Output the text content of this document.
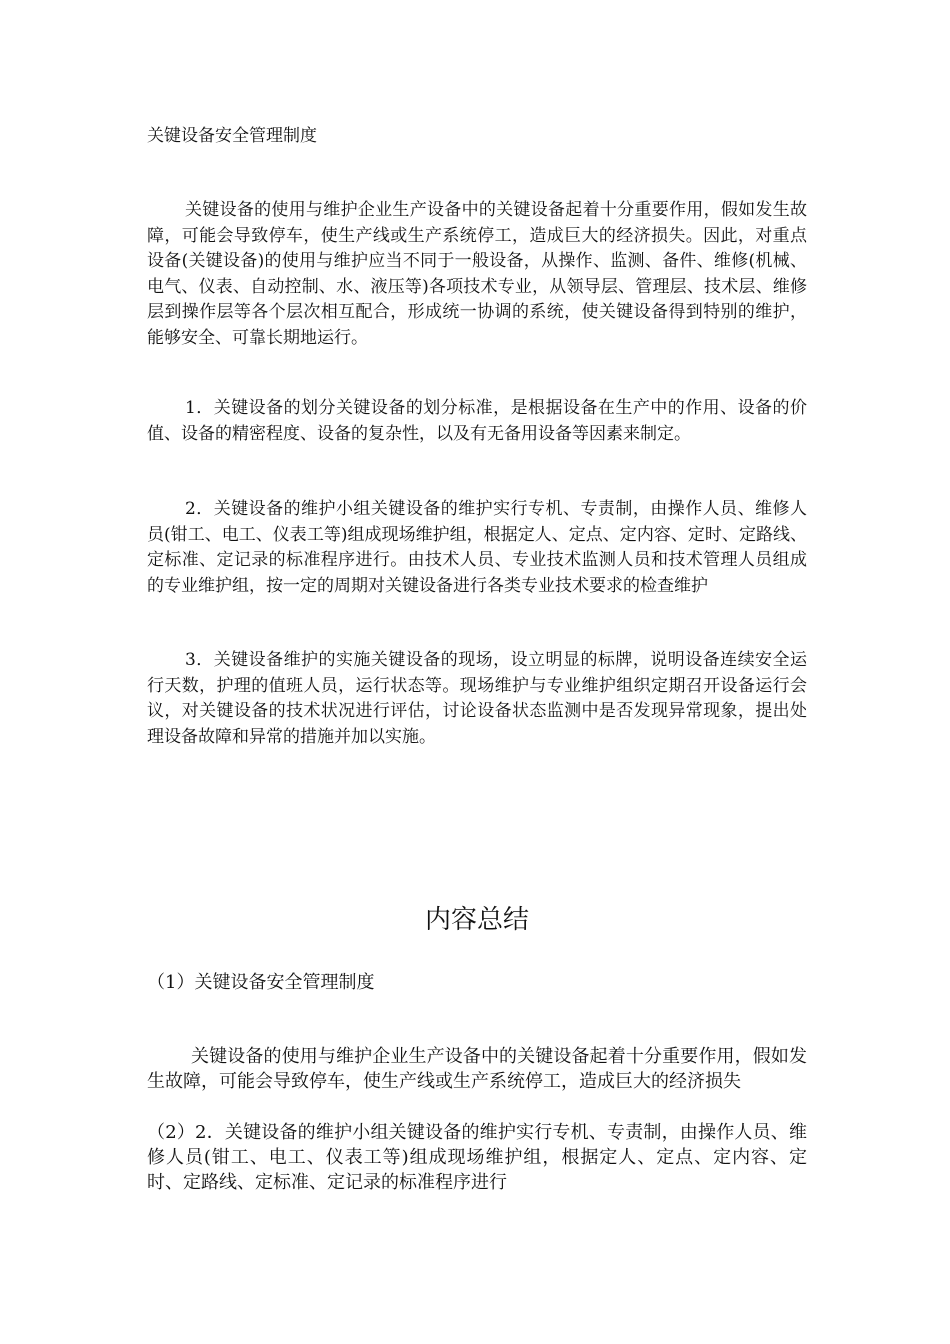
关键设备安全管理制度

关键设备的使用与维护企业生产设备中的关键设备起着十分重要作用，假如发生故障，可能会导致停车，使生产线或生产系统停工，造成巨大的经济损失。因此，对重点设备(关键设备)的使用与维护应当不同于一般设备，从操作、监测、备件、维修(机械、电气、仪表、自动控制、水、液压等)各项技术专业，从领导层、管理层、技术层、维修层到操作层等各个层次相互配合，形成统一协调的系统，使关键设备得到特别的维护，能够安全、可靠长期地运行。

1．关键设备的划分关键设备的划分标准，是根据设备在生产中的作用、设备的价值、设备的精密程度、设备的复杂性，以及有无备用设备等因素来制定。

2．关键设备的维护小组关键设备的维护实行专机、专责制，由操作人员、维修人员(钳工、电工、仪表工等)组成现场维护组，根据定人、定点、定内容、定时、定路线、定标准、定记录的标准程序进行。由技术人员、专业技术监测人员和技术管理人员组成的专业维护组，按一定的周期对关键设备进行各类专业技术要求的检查维护

3．关键设备维护的实施关键设备的现场，设立明显的标牌，说明设备连续安全运行天数，护理的值班人员，运行状态等。现场维护与专业维护组织定期召开设备运行会议，对关键设备的技术状况进行评估，讨论设备状态监测中是否发现异常现象，提出处理设备故障和异常的措施并加以实施。

内容总结
（1）关键设备安全管理制度

关键设备的使用与维护企业生产设备中的关键设备起着十分重要作用，假如发生故障，可能会导致停车，使生产线或生产系统停工，造成巨大的经济损失

（2）2．关键设备的维护小组关键设备的维护实行专机、专责制，由操作人员、维修人员(钳工、电工、仪表工等)组成现场维护组，根据定人、定点、定内容、定时、定路线、定标准、定记录的标准程序进行
